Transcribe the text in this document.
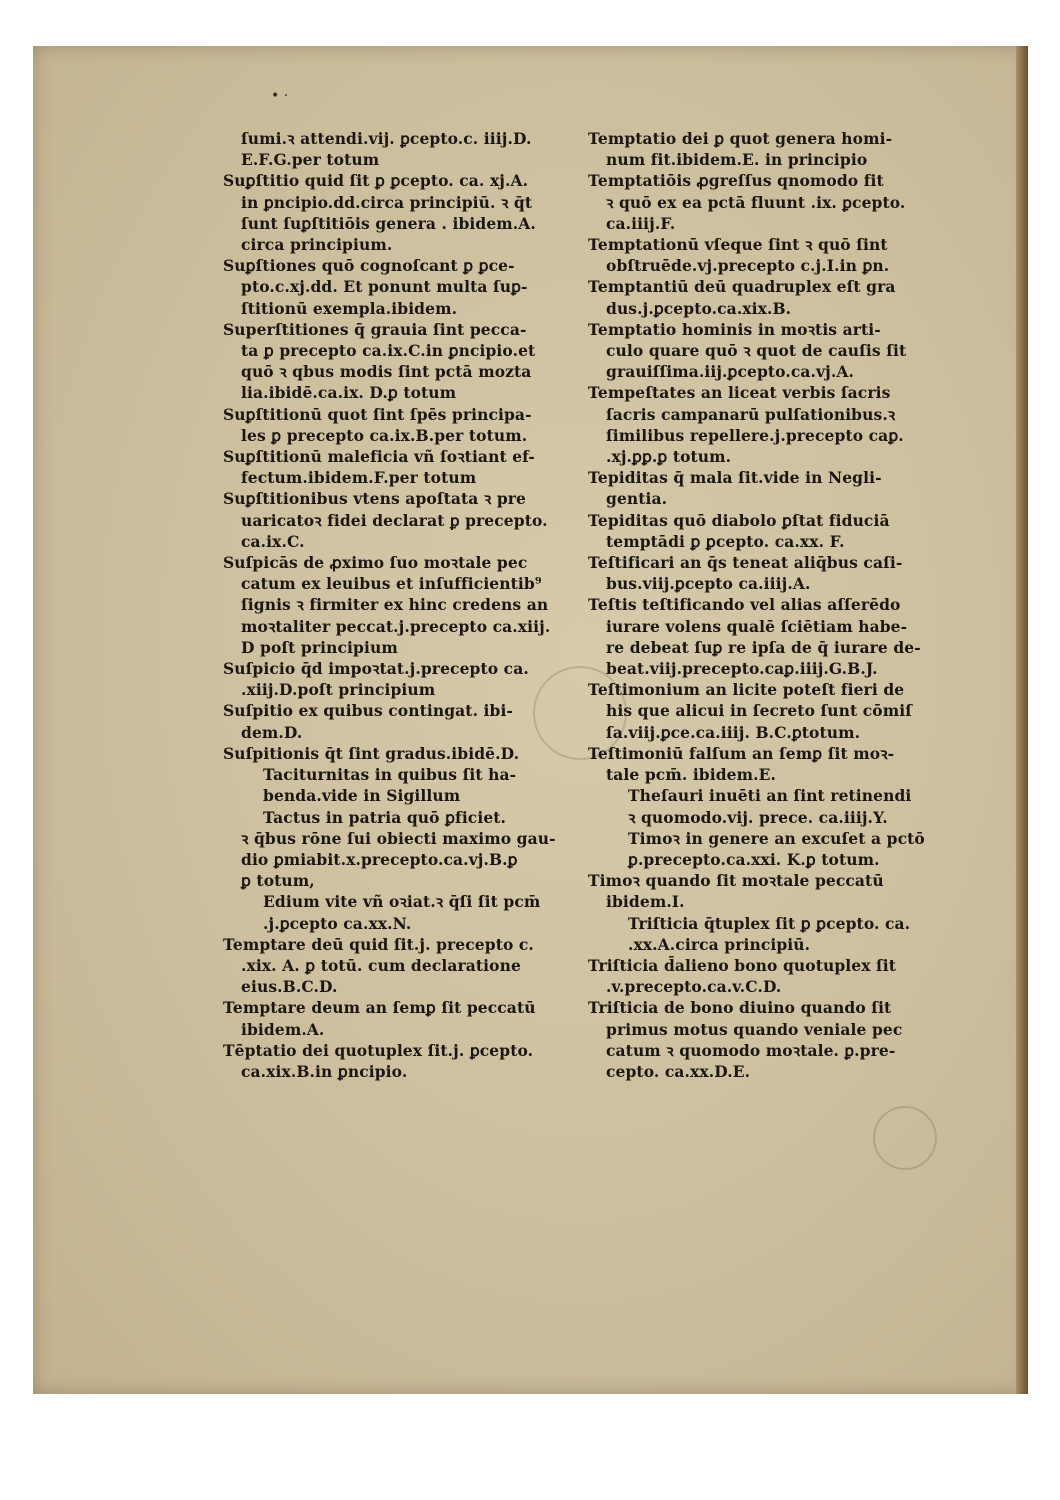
• ·
ſumi.ꝛ attendi.vij. ꝑcepto.c. iiij.D.
E.F.G.per totum
Suꝑſtitio quid ſit ꝑ ꝑcepto. ca. xj.A.
in ꝑncipio.dd.circa principiū. ꝛ q̄t
ſunt ſuꝑſtitiōis genera . ibidem.A.
circa principium.
Suꝑſtiones quō cognoſcant ꝑ ꝑce-
pto.c.xj.dd. Et ponunt multa ſuꝑ-
ſtitionū exempla.ibidem.
Superſtitiones q̄ grauia ſint pecca-
ta ꝑ precepto ca.ix.C.in ꝑncipio.et
quō ꝛ qbus modis ſint pctā mozta
lia.ibidē.ca.ix. D.ꝑ totum
Suꝑſtitionū quot ſint ſpēs principa-
les ꝑ precepto ca.ix.B.per totum.
Suꝑſtitionū maleficia vñ ſoꝛtiant ef-
fectum.ibidem.F.per totum
Suꝑſtitionibus vtens apoſtata ꝛ pre
uaricatoꝛ fidei declarat ꝑ precepto.
ca.ix.C.
Suſpicās de ꝓximo ſuo moꝛtale pec
catum ex leuibus et inſufficientib⁹
ſignis ꝛ firmiter ex hinc credens an
moꝛtaliter peccat.j.precepto ca.xiij.
D poſt principium
Suſpicio q̄d impoꝛtat.j.precepto ca.
.xiij.D.poſt principium
Suſpitio ex quibus contingat. ibi-
dem.D.
Suſpitionis q̄t ſint gradus.ibidē.D.
Taciturnitas in quibus ſit ha-
benda.vide in Sigillum
Tactus in patria quō ꝑficiet.
ꝛ q̄bus rōne ſui obiecti maximo gau-
dio ꝑmiabit.x.precepto.ca.vj.B.ꝑ
ꝑ totum,
Edium vite vñ oꝛiat.ꝛ q̄ſi ſit pcm̄
.j.ꝑcepto ca.xx.N.
Temptare deū quid ſit.j. precepto c.
.xix. A. ꝑ totū. cum declaratione
eius.B.C.D.
Temptare deum an ſemꝑ ſit peccatū
ibidem.A.
Tēptatio dei quotuplex ſit.j. ꝑcepto.
ca.xix.B.in ꝑncipio.
Temptatio dei ꝑ quot genera homi-
num fit.ibidem.E. in principio
Temptatiōis ꝓgreſſus qnomodo fit
ꝛ quō ex ea pctā fluunt .ix. ꝑcepto.
ca.iiij.F.
Temptationū vſeque ſint ꝛ quō ſint
obſtruēde.vj.precepto c.j.I.in ꝑn.
Temptantiū deū quadruplex eſt gra
dus.j.ꝑcepto.ca.xix.B.
Temptatio hominis in moꝛtis arti-
culo quare quō ꝛ quot de cauſis ſit
grauiſſima.iij.ꝑcepto.ca.vj.A.
Tempeſtates an liceat verbis ſacris
ſacris campanarū pulſationibus.ꝛ
ſimilibus repellere.j.precepto caꝑ.
.xj.ꝑꝑ.ꝑ totum.
Tepiditas q̄ mala ſit.vide in Negli-
gentia.
Tepiditas quō diabolo ꝑſtat fiduciā
temptādi ꝑ ꝑcepto. ca.xx. F.
Teſtificari an q̄s teneat aliq̄bus caſi-
bus.viij.ꝑcepto ca.iiij.A.
Teſtis teſtificando vel alias aſſerēdo
iurare volens qualē ſciētiam habe-
re debeat ſuꝑ re ipſa de q̄ iurare de-
beat.viij.precepto.caꝑ.iiij.G.B.J.
Teſtimonium an licite poteſt fieri de
his que alicui in ſecreto ſunt cōmiſ
ſa.viij.ꝑce.ca.iiij. B.C.ꝑtotum.
Teſtimoniū falſum an ſemꝑ ſit moꝛ-
tale pcm̄. ibidem.E.
Theſauri inuēti an ſint retinendi
ꝛ quomodo.vij. prece. ca.iiij.Y.
Timoꝛ in genere an excuſet a pctō
ꝑ.precepto.ca.xxi. K.ꝑ totum.
Timoꝛ quando ſit moꝛtale peccatū
ibidem.I.
Triſticia q̄tuplex ſit ꝑ ꝑcepto. ca.
.xx.A.circa principiū.
Triſticia d̄alieno bono quotuplex ſit
.v.precepto.ca.v.C.D.
Triſticia de bono diuino quando ſit
primus motus quando veniale pec
catum ꝛ quomodo moꝛtale. ꝑ.pre-
cepto. ca.xx.D.E.
